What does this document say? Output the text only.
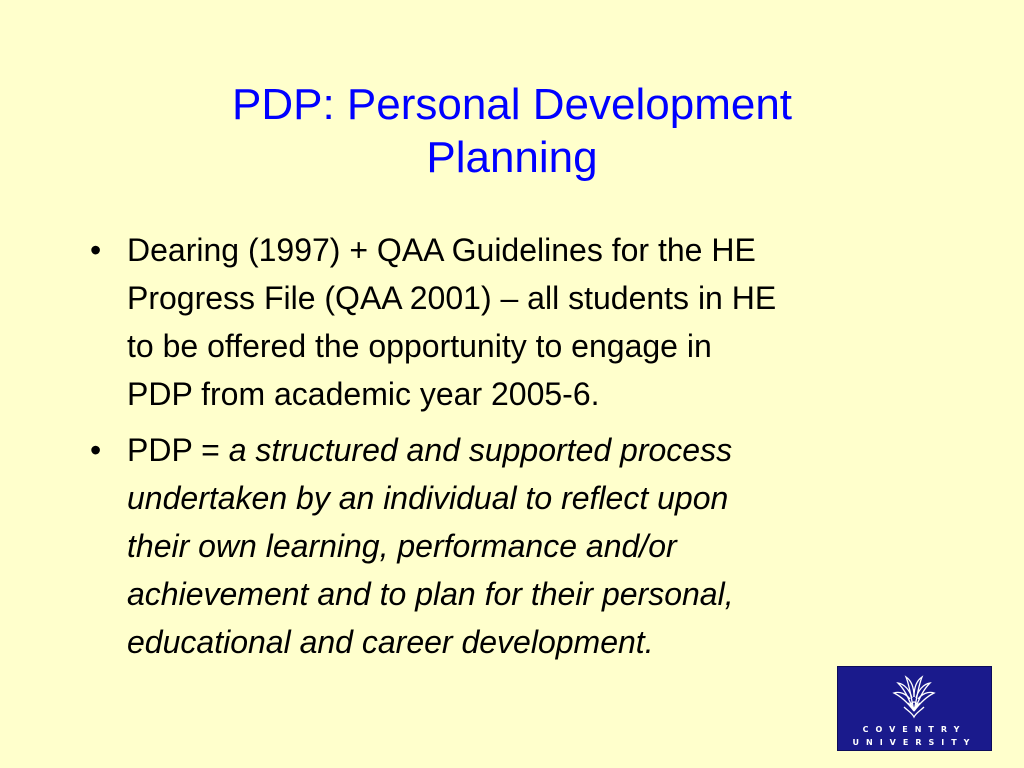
PDP: Personal Development
Planning
• Dearing (1997) + QAA Guidelines for the HE
Progress File (QAA 2001) – all students in HE
to be offered the opportunity to engage in
PDP from academic year 2005-6.
• PDP = a structured and supported process
undertaken by an individual to reflect upon
their own learning, performance and/or
achievement and to plan for their personal,
educational and career development.
COVENTRY
UNIVERSITY
